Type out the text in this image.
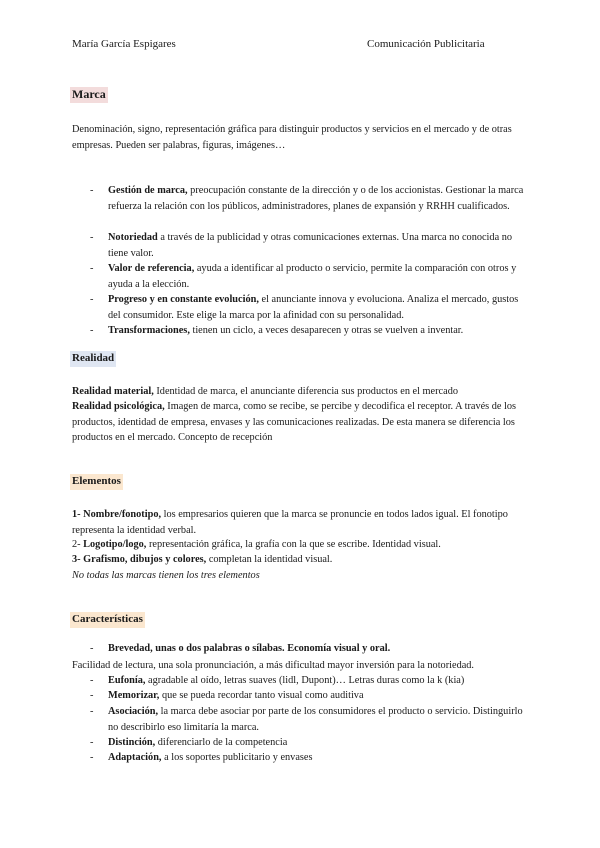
María García Espigares	Comunicación Publicitaria
Marca
Denominación, signo, representación gráfica para distinguir productos y servicios en el mercado y de otras empresas. Pueden ser palabras, figuras, imágenes…
- Gestión de marca, preocupación constante de la dirección y o de los accionistas. Gestionar la marca refuerza la relación con los públicos, administradores, planes de expansión y RRHH cualificados.
- Notoriedad a través de la publicidad y otras comunicaciones externas. Una marca no conocida no tiene valor.
- Valor de referencia, ayuda a identificar al producto o servicio, permite la comparación con otros y ayuda a la elección.
- Progreso y en constante evolución, el anunciante innova y evoluciona. Analiza el mercado, gustos del consumidor. Este elige la marca por la afinidad con su personalidad.
- Transformaciones, tienen un ciclo, a veces desaparecen y otras se vuelven a inventar.
Realidad
Realidad material, Identidad de marca, el anunciante diferencia sus productos en el mercado
Realidad psicológica, Imagen de marca, como se recibe, se percibe y decodifica el receptor. A través de los productos, identidad de empresa, envases y las comunicaciones realizadas. De esta manera se diferencia los productos en el mercado. Concepto de recepción
Elementos
1- Nombre/fonotipo, los empresarios quieren que la marca se pronuncie en todos lados igual. El fonotipo representa la identidad verbal.
2- Logotipo/logo, representación gráfica, la grafía con la que se escribe. Identidad visual.
3- Grafismo, dibujos y colores, completan la identidad visual.
No todas las marcas tienen los tres elementos
Características
- Brevedad, unas o dos palabras o sílabas. Economía visual y oral.
Facilidad de lectura, una sola pronunciación, a más dificultad mayor inversión para la notoriedad.
- Eufonía, agradable al oído, letras suaves (lidl, Dupont)… Letras duras como la k (kia)
- Memorizar, que se pueda recordar tanto visual como auditiva
- Asociación, la marca debe asociar por parte de los consumidores el producto o servicio. Distinguirlo no describirlo eso limitaría la marca.
- Distinción, diferenciarlo de la competencia
- Adaptación, a los soportes publicitario y envases
